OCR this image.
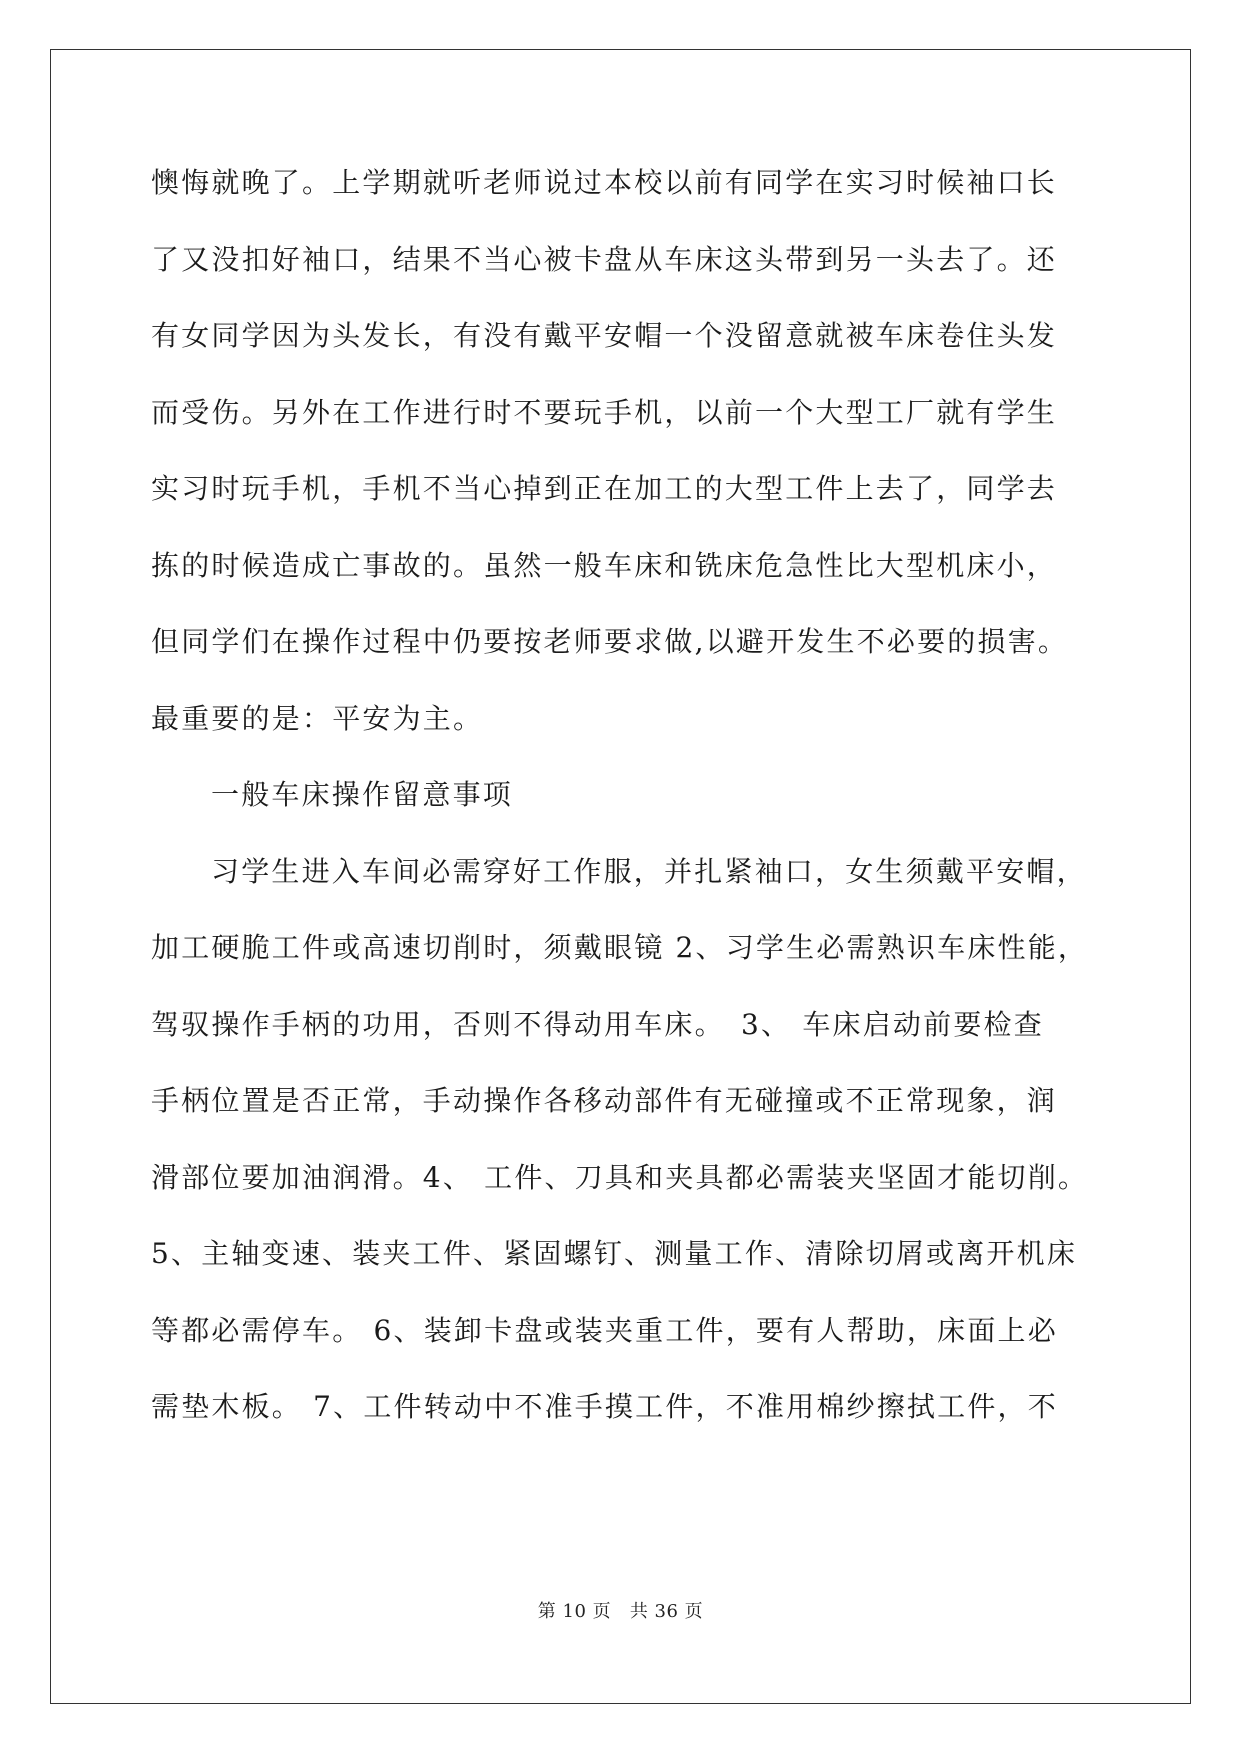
懊悔就晚了。上学期就听老师说过本校以前有同学在实习时候袖口长
了又没扣好袖口，结果不当心被卡盘从车床这头带到另一头去了。还
有女同学因为头发长，有没有戴平安帽一个没留意就被车床卷住头发
而受伤。另外在工作进行时不要玩手机，以前一个大型工厂就有学生
实习时玩手机，手机不当心掉到正在加工的大型工件上去了，同学去
拣的时候造成亡事故的。虽然一般车床和铣床危急性比大型机床小，
但同学们在操作过程中仍要按老师要求做,以避开发生不必要的损害。
最重要的是：平安为主。
一般车床操作留意事项
习学生进入车间必需穿好工作服，并扎紧袖口，女生须戴平安帽，
加工硬脆工件或高速切削时，须戴眼镜 2、习学生必需熟识车床性能，
驾驭操作手柄的功用，否则不得动用车床。　3、 车床启动前要检查
手柄位置是否正常，手动操作各移动部件有无碰撞或不正常现象，润
滑部位要加油润滑。4、 工件、刀具和夹具都必需装夹坚固才能切削。
5、主轴变速、装夹工件、紧固螺钉、测量工作、清除切屑或离开机床
等都必需停车。 6、装卸卡盘或装夹重工件，要有人帮助，床面上必
需垫木板。 7、工件转动中不准手摸工件，不准用棉纱擦拭工件，不
第 10 页 共 36 页
